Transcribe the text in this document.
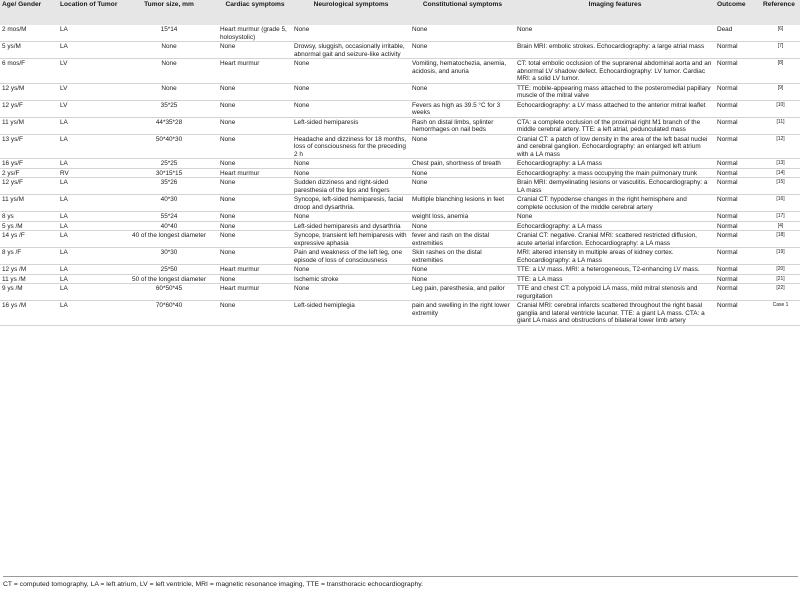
Age/ Gender	Location of Tumor	Tumor size, mm	Cardiac symptoms	Neurological symptoms	Constitutional symptoms	Imaging features	Outcome	Reference
2 mos/M	LA	15*14	Heart murmur (grade 5, holosystolic)	None	None	None	Dead	[6]
5 ys/M	LA	None	None	Drowsy, sluggish, occasionally irritable, abnormal gait and seizure-like activity	None	Brain MRI: embolic strokes. Echocardiography: a large atrial mass	Normal	[7]
6 mos/F	LV	None	Heart murmur	None	Vomiting, hematochezia, anemia, acidosis, and anuria	CT: total embolic occlusion of the suprarenal abdominal aorta and an abnormal LV shadow defect. Echocardiography: LV tumor. Cardiac MRI: a solid LV tumor.	Normal	[8]
12 ys/M	LV	None	None	None	None	TTE: mobile-appearing mass attached to the posteromedial papillary muscle of the mitral valve	Normal	[9]
12 ys/F	LV	35*25	None	None	Fevers as high as 39.5 °C for 3 weeks	Echocardiography: a LV mass attached to the anterior mitral leaflet	Normal	[10]
11 ys/M	LA	44*35*28	None	Left-sided hemiparesis	Rash on distal limbs, splinter hemorrhages on nail beds	CTA: a complete occlusion of the proximal right M1 branch of the middle cerebral artery. TTE: a left atrial, pedunculated mass	Normal	[11]
13 ys/F	LA	50*40*30	None	Headache and dizziness for 18 months, loss of consciousness for the preceding 2 h	None	Cranial CT: a patch of low density in the area of the left basal nuclei and cerebral ganglion. Echocardiography: an enlarged left atrium with a LA mass	Normal	[12]
16 ys/F	LA	25*25	None	None	Chest pain, shortness of breath	Echocardiography: a LA mass	Normal	[13]
2 ys/F	RV	30*15*15	Heart murmur	None	None	Echocardiography: a mass occupying the main pulmonary trunk	Normal	[14]
12 ys/F	LA	35*26	None	Sudden dizziness and right-sided paresthesia of the lips and fingers	None	Brain MRI: demyelinating lesions or vasculitis. Echocardiography: a LA mass	Normal	[15]
11 ys/M	LA	40*30	None	Syncope, left-sided hemiparesis, facial droop and dysarthria.	Multiple blanching lesions in feet	Cranial CT: hypodense changes in the right hemisphere and complete occlusion of the middle cerebral artery	Normal	[16]
8 ys	LA	55*24	None	None	weight loss, anemia	None	Normal	[17]
5 ys /M	LA	40*40	None	Left-sided hemiparesis and dysarthria	None	Echocardiography: a LA mass	Normal	[4]
14 ys /F	LA	40 of the longest diameter	None	Syncope, transient left hemiparesis with expressive aphasia	fever and rash on the distal extremities	Cranial CT: negative. Cranial MRI: scattered restricted diffusion, acute arterial infarction. Echocardiography: a LA mass	Normal	[18]
8 ys /F	LA	30*30	None	Pain and weakness of the left leg, one episode of loss of consciousness	Skin rashes on the distal extremities	MRI: altered intensity in multiple areas of kidney cortex. Echocardiography: a LA mass	Normal	[19]
12 ys /M	LA	25*50	Heart murmur	None	None	TTE: a LV mass. MRI: a heterogeneous, T2-enhancing LV mass.	Normal	[20]
11 ys /M	LA	50 of the longest diameter	None	Ischemic stroke	None	TTE: a LA mass	Normal	[21]
9 ys /M	LA	60*50*45	Heart murmur	None	Leg pain, paresthesia, and pallor	TTE and chest CT: a polypoid LA mass, mild mitral stenosis and regurgitation	Normal	[22]
16 ys /M	LA	70*60*40	None	Left-sided hemiplegia	pain and swelling in the right lower extremity	Cranial MRI: cerebral infarcts scattered throughout the right basal ganglia and lateral ventricle lacunar. TTE: a giant LA mass. CTA: a giant LA mass and obstructions of bilateral lower limb artery	Normal	Case 1
CT = computed tomography, LA = left atrium, LV = left ventricle, MRI = magnetic resonance imaging, TTE = transthoracic echocardiography.
